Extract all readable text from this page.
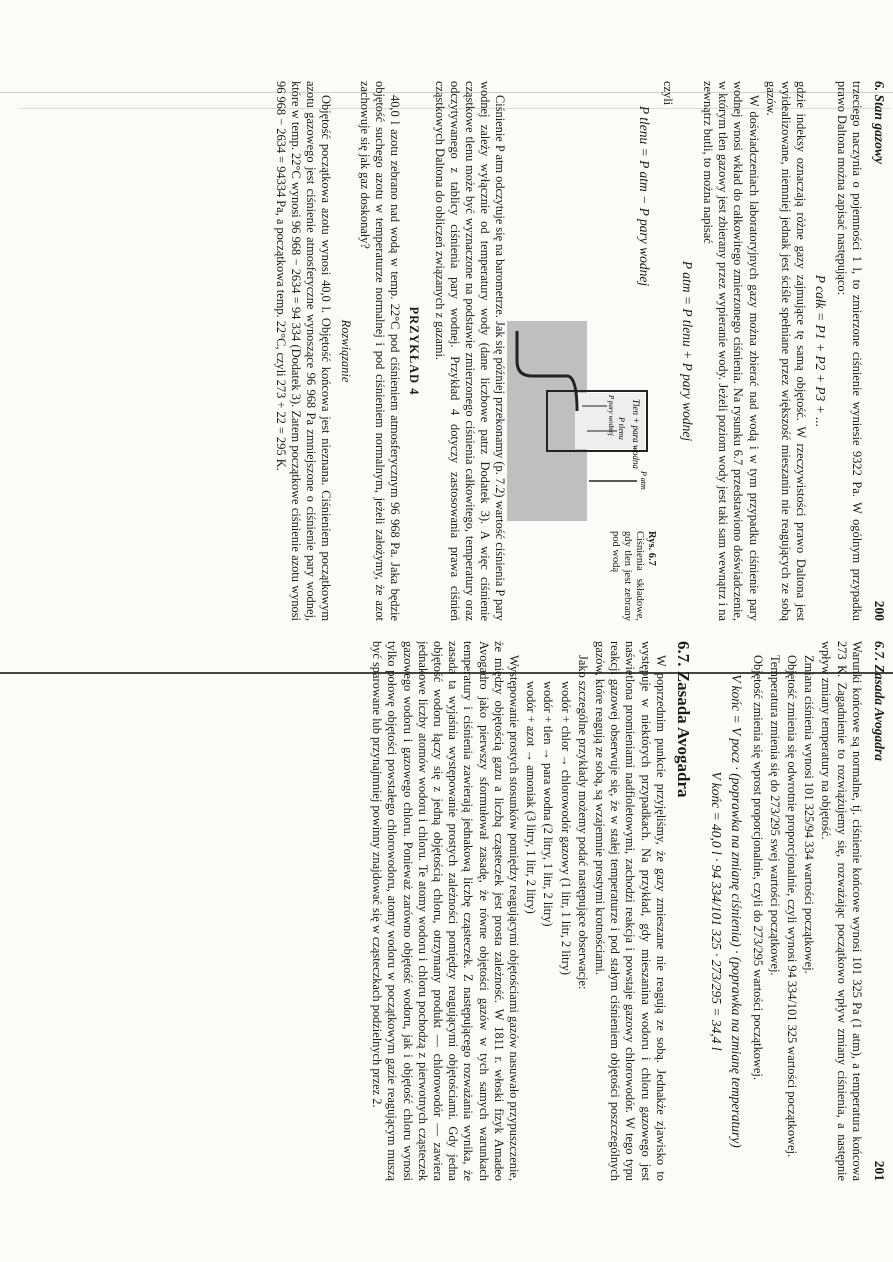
6. Stan gazowy
200

trzeciego naczynia o pojemności 1 l, to zmierzone ciśnienie wyniesie 9322 Pa. W ogólnym przypadku prawo Daltona można zapisać następująco:

P całk = P1 + P2 + P3 + ...

gdzie indeksy oznaczają różne gazy zajmujące tę samą objętość. W rzeczywistości prawo Daltona jest wyidealizowane, niemniej jednak jest ściśle spełniane przez większość mieszanin nie reagujących ze sobą gazów.

W doświadczeniach laboratoryjnych gazy można zbierać nad wodą i w tym przypadku ciśnienie pary wodnej wnosi wkład do całkowitego zmierzonego ciśnienia. Na rysunku 6.7 przedstawiono doświadczenie, w którym tlen gazowy jest zbierany przez wypieranie wody. Jeżeli poziom wody jest taki sam wewnątrz i na zewnątrz butli, to można napisać

P atm = P tlenu + P pary wodnej

czyli

P tlenu = P atm − P pary wodnej
Tlen + para wodna
P tlenu
P atm
P pary wodnej
Rys. 6.7
Ciśnienia składowe, gdy tlen jest zebrany pod wodą

Ciśnienie P atm odczytuje się na barometrze. Jak się później przekonamy (p. 7.2) wartość ciśnienia P pary wodnej zależy wyłącznie od temperatury wody (dane liczbowe patrz Dodatek 3). A więc ciśnienie cząstkowe tlenu może być wyznaczone na podstawie zmierzonego ciśnienia całkowitego, temperatury oraz odczytywanego z tablicy ciśnienia pary wodnej. Przykład 4 dotyczy zastosowania prawa ciśnień cząstkowych Daltona do obliczeń związanych z gazami.

PRZYKŁAD 4

40,0 l azotu zebrano nad wodą w temp. 22°C pod ciśnieniem atmosferycznym 96 968 Pa. Jaka będzie objętość suchego azotu w temperaturze normalnej i pod ciśnieniem normalnym, jeżeli założymy, że azot zachowuje się jak gaz doskonały?

Rozwiązanie

Objętość początkowa azotu wynosi 40,0 l. Objętość końcowa jest nieznana. Ciśnieniem początkowym azotu gazowego jest ciśnienie atmosferyczne wynoszące 96 968 Pa zmniejszone o ciśnienie pary wodnej, które w temp. 22°C wynosi 96 968 − 2634 = 94 334 (Dodatek 3). Zatem początkowe ciśnienie azotu wynosi 96 968 − 2634 = 94334 Pa, a początkowa temp. 22°C, czyli 273 + 22 = 295 K.

6.7. Zasada Avogadra
201

Warunki końcowe są normalne, tj. ciśnienie końcowe wynosi 101 325 Pa (1 atm), a temperatura końcowa 273 K. Zagadnienie to rozwiążujemy się, rozważając początkowo wpływ zmiany ciśnienia, a następnie wpływ zmiany temperatury na objętość.

Zmiana ciśnienia wynosi 101 325/94 334 wartości początkowej.

Objętość zmienia się odwrotnie proporcjonalnie, czyli wynosi 94 334/101 325 wartości początkowej.

Temperatura zmienia się do 273/295 swej wartości początkowej.

Objętość zmienia się wprost proporcjonalnie, czyli do 273/295 wartości początkowej.

V końc = V pocz · (poprawka na zmianę ciśnienia) · (poprawka na zmianę temperatury)
V końc = 40,0 l · 94 334/101 325 · 273/295 = 34,4 l
6.7. Zasada Avogadra

W poprzednim punkcie przyjęliśmy, że gazy zmieszane nie reagują ze sobą. Jednakże zjawisko to występuje w niektórych przypadkach. Na przykład, gdy mieszanina wodoru i chloru gazowego jest naświetlona promieniami nadfioletowymi, zachodzi reakcja i powstaje gazowy chlorowodór. W tego typu reakcji gazowej obserwuje się, że w stałej temperaturze i pod stałym ciśnieniem objętości poszczególnych gazów, które reagują ze sobą, są wzajemnie prostymi krotnościami.

Jako szczególne przykłady możemy podać następujące obserwacje:

wodór + chlor → chlorowodór gazowy (1 litr, 1 litr, 2 litry)
wodór + tlen → para wodna (2 litry, 1 litr, 2 litry)
wodór + azot → amoniak (3 litry, 1 litr, 2 litry)

Występowanie prostych stosunków pomiędzy reagującymi objętościami gazów nasuwało przypuszczenie, że między objętością gazu a liczbą cząsteczek jest prosta zależność. W 1811 r. włoski fizyk Amadeo Avogadro jako pierwszy sformułował zasadę, że równe objętości gazów w tych samych warunkach temperatury i ciśnienia zawierają jednakową liczbę cząsteczek. Z następującego rozważania wynika, że zasada ta wyjaśnia występowanie prostych zależności pomiędzy reagującymi objętościami. Gdy jedna objętość wodoru łączy się z jedną objętością chloru, otrzymany produkt — chlorowodór — zawiera jednakowe liczby atomów wodoru i chloru. Te atomy wodoru i chloru pochodzą z pierwotnych cząsteczek gazowego wodoru i gazowego chloru. Ponieważ zarówno objętość wodoru, jak i objętość chloru wynosi tylko połowę objętości powstałego chlorowodoru, atomy wodoru w początkowym gazie reagującym muszą być sparowane lub przynajmniej powinny znajdować się w cząsteczkach podzielnych przez 2.
